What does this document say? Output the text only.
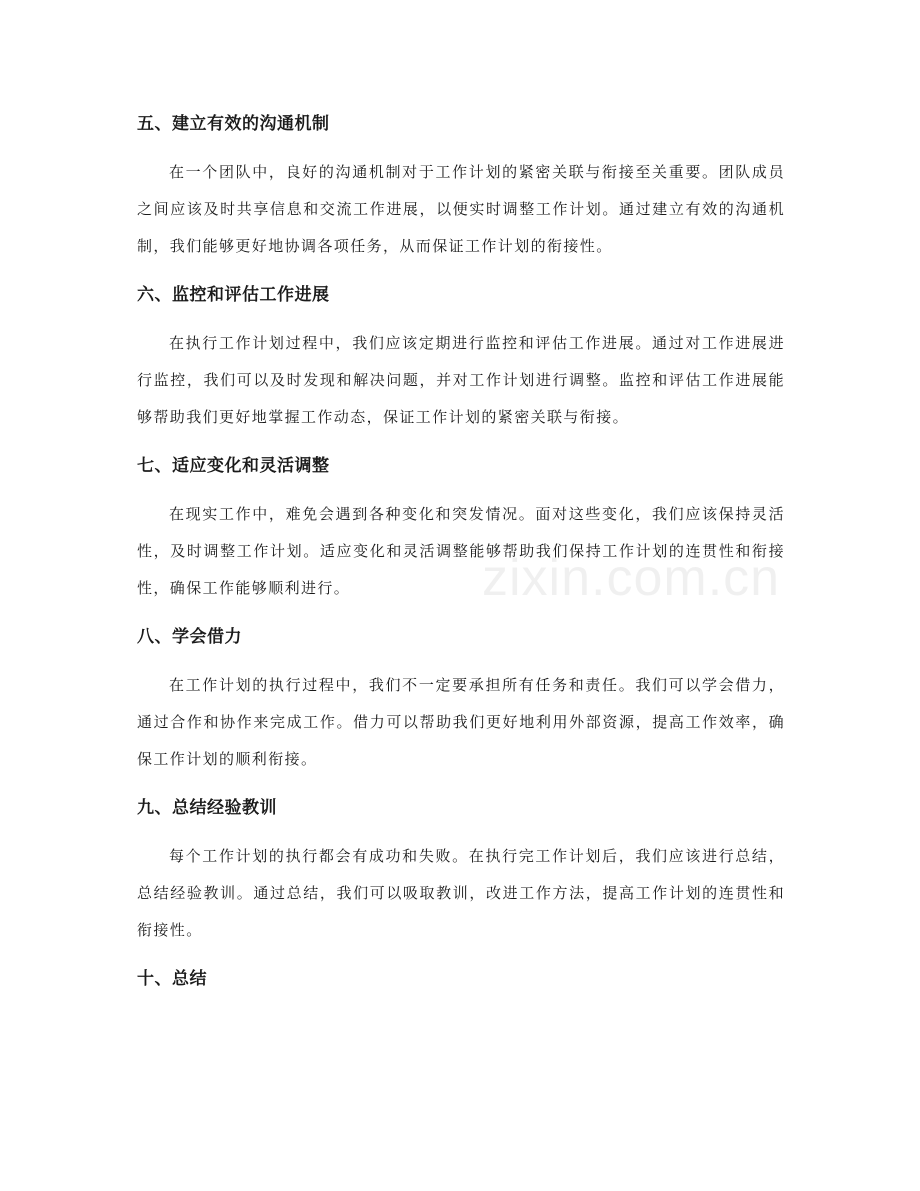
五、建立有效的沟通机制

在一个团队中，良好的沟通机制对于工作计划的紧密关联与衔接至关重要。团队成员之间应该及时共享信息和交流工作进展，以便实时调整工作计划。通过建立有效的沟通机制，我们能够更好地协调各项任务，从而保证工作计划的衔接性。

六、监控和评估工作进展

在执行工作计划过程中，我们应该定期进行监控和评估工作进展。通过对工作进展进行监控，我们可以及时发现和解决问题，并对工作计划进行调整。监控和评估工作进展能够帮助我们更好地掌握工作动态，保证工作计划的紧密关联与衔接。

七、适应变化和灵活调整

在现实工作中，难免会遇到各种变化和突发情况。面对这些变化，我们应该保持灵活性，及时调整工作计划。适应变化和灵活调整能够帮助我们保持工作计划的连贯性和衔接性，确保工作能够顺利进行。

八、学会借力

在工作计划的执行过程中，我们不一定要承担所有任务和责任。我们可以学会借力，通过合作和协作来完成工作。借力可以帮助我们更好地利用外部资源，提高工作效率，确保工作计划的顺利衔接。

九、总结经验教训

每个工作计划的执行都会有成功和失败。在执行完工作计划后，我们应该进行总结，总结经验教训。通过总结，我们可以吸取教训，改进工作方法，提高工作计划的连贯性和衔接性。

十、总结
zixin.com.cn
